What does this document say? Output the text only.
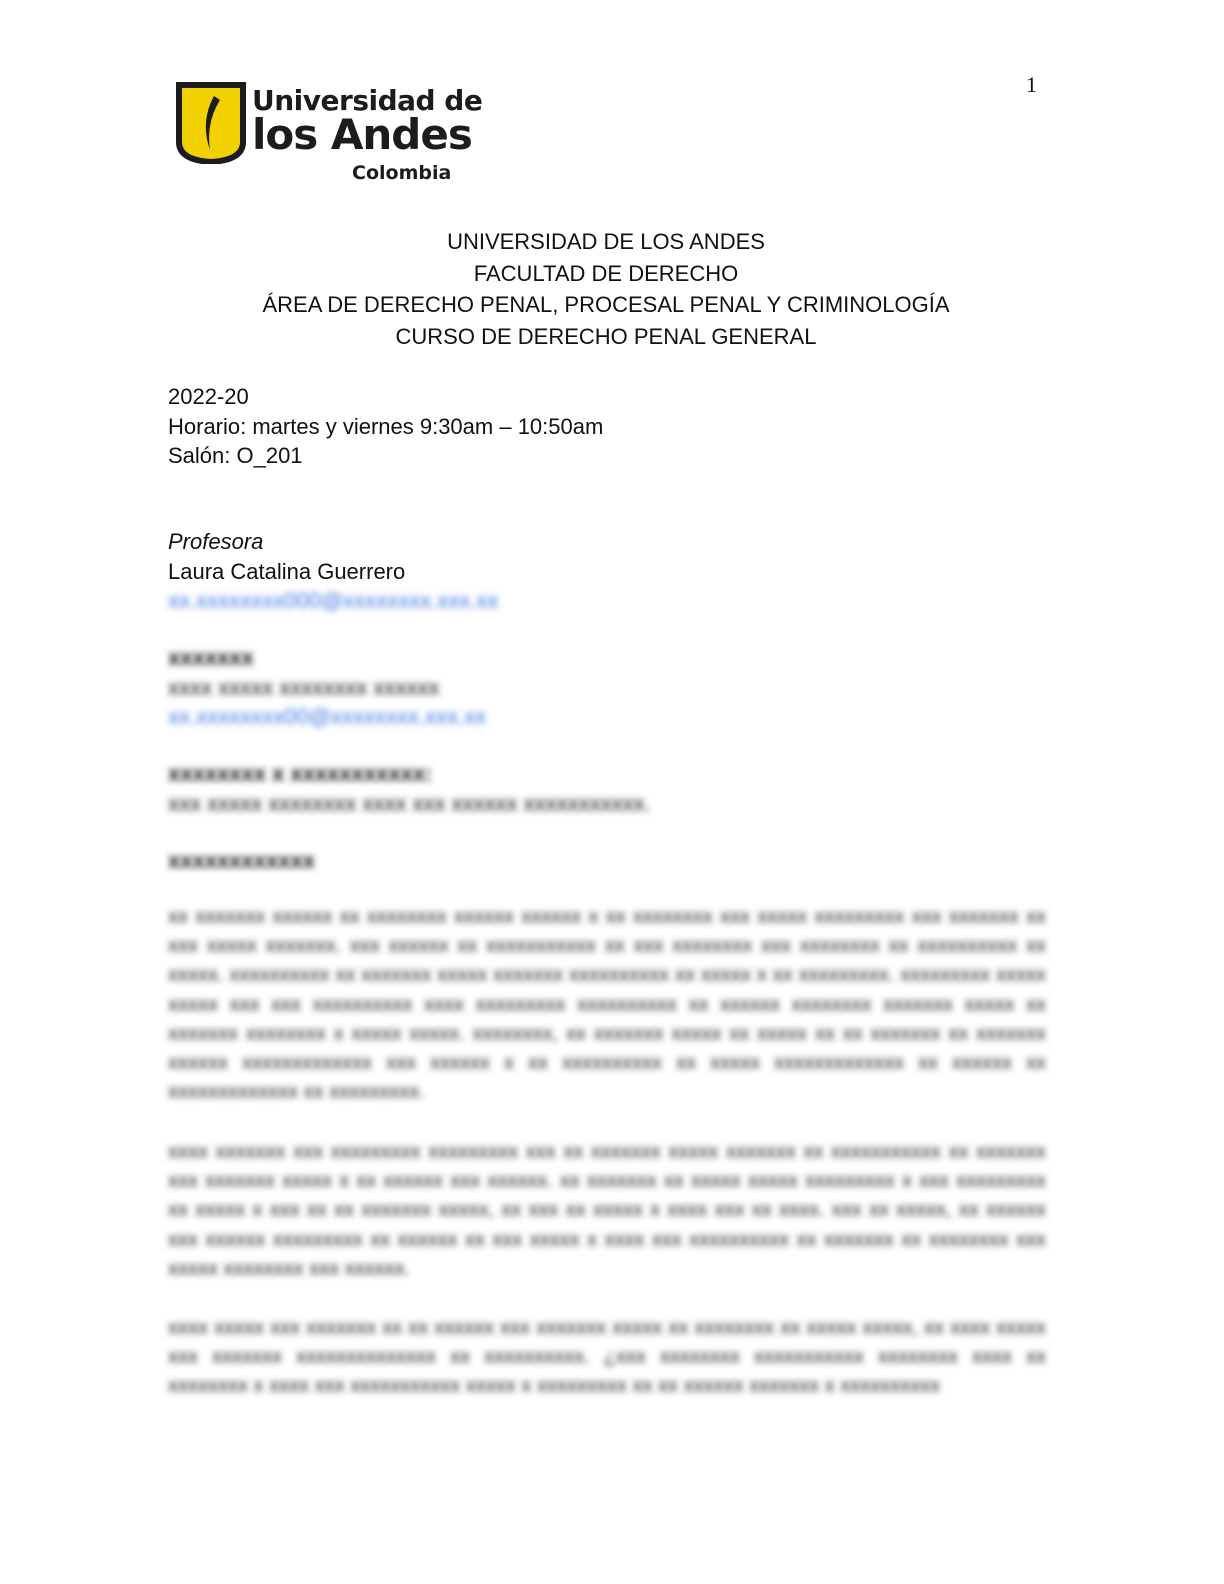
1
Universidad de
los Andes
Colombia
UNIVERSIDAD DE LOS ANDES
FACULTAD DE DERECHO
ÁREA DE DERECHO PENAL, PROCESAL PENAL Y CRIMINOLOGÍA
CURSO DE DERECHO PENAL GENERAL
2022-20
Horario: martes y viernes 9:30am – 10:50am
Salón: O_201
Profesora
Laura Catalina Guerrero
xx.xxxxxxxx000@xxxxxxxx.xxx.xx
xxxxxxx
xxxx xxxxx xxxxxxxx xxxxxx
xx.xxxxxxxx00@xxxxxxxx.xxx.xx
xxxxxxxx x xxxxxxxxxxx:
xxx xxxxx xxxxxxxx xxxx xxx xxxxxx xxxxxxxxxxx.
xxxxxxxxxxxx
xx xxxxxxx xxxxxx xx xxxxxxxx xxxxxx xxxxxx x xx xxxxxxxx xxx xxxxx xxxxxxxxx xxx xxxxxxx xx xxx xxxxx xxxxxxx. xxx xxxxxx xx xxxxxxxxxxx xx xxx xxxxxxxx xxx xxxxxxxx xx xxxxxxxxxx xx xxxxx. xxxxxxxxxx xx xxxxxxx xxxxx xxxxxxx xxxxxxxxxx xx xxxxx x xx xxxxxxxxx. xxxxxxxxx xxxxx xxxxx xxx xxx xxxxxxxxxx xxxx xxxxxxxxx xxxxxxxxxx xx xxxxxx xxxxxxxx xxxxxxx xxxxx xx xxxxxxx xxxxxxxx x xxxxx xxxxx. xxxxxxxx, xx xxxxxxx xxxxx xx xxxxx xx xx xxxxxxx xx xxxxxxx xxxxxx xxxxxxxxxxxxx xxx xxxxxx x xx xxxxxxxxxx xx xxxxx xxxxxxxxxxxxx xx xxxxxx xx xxxxxxxxxxxxx xx xxxxxxxxx.
xxxx xxxxxxx xxx xxxxxxxxx xxxxxxxxx xxx xx xxxxxxx xxxxx xxxxxxx xx xxxxxxxxxxx xx xxxxxxx xxx xxxxxxx xxxxx x xx xxxxxx xxx xxxxxx. xx xxxxxxx xx xxxxx xxxxx xxxxxxxxx x xxx xxxxxxxxx xx xxxxx x xxx xx xx xxxxxxx xxxxx, xx xxx xx xxxxx x xxxx xxx xx xxxx. xxx xx xxxxx, xx xxxxxx xxx xxxxxx xxxxxxxxx xx xxxxxx xx xxx xxxxx x xxxx xxx xxxxxxxxxx xx xxxxxxx xx xxxxxxxx xxx xxxxx xxxxxxxx xxx xxxxxx.
xxxx xxxxx xxx xxxxxxx xx xx xxxxxx xxx xxxxxxx xxxxx xx xxxxxxxx xx xxxxx xxxxx, xx xxxx xxxxx xxx xxxxxxx xxxxxxxxxxxxxx xx xxxxxxxxxx. ¿xxx xxxxxxxx xxxxxxxxxxx xxxxxxxx xxxx xx xxxxxxxx x xxxx xxx xxxxxxxxxxx xxxxx x xxxxxxxxx xx xx xxxxxx xxxxxxx x xxxxxxxxxx
